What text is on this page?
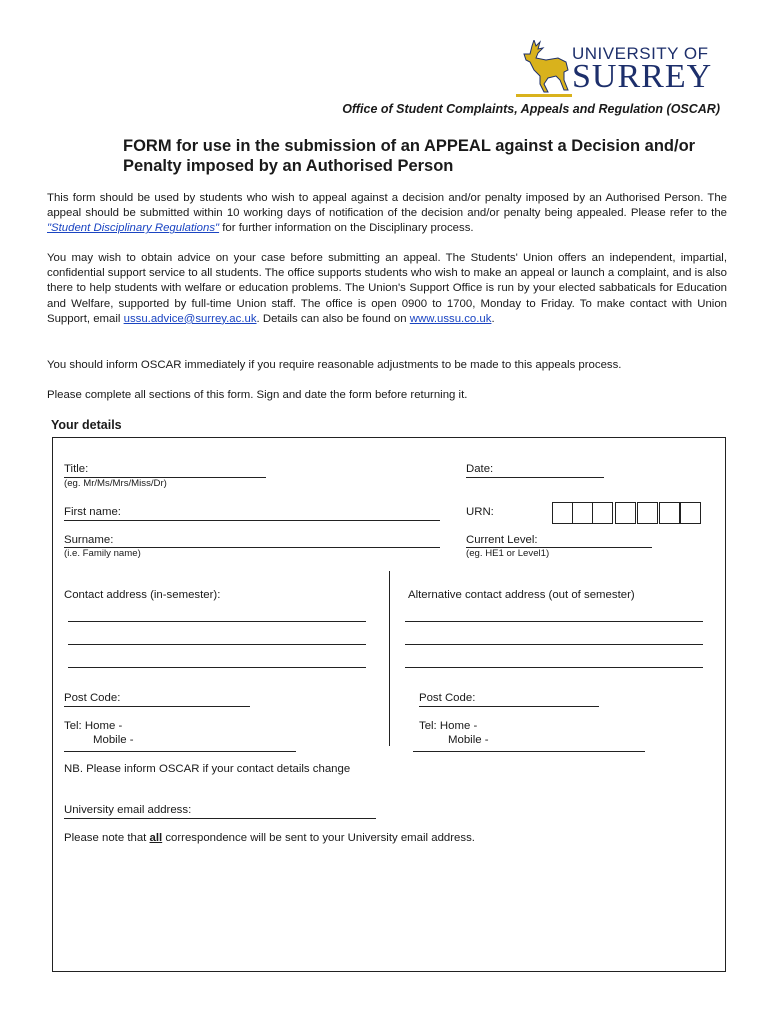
UNIVERSITY OF
SURREY
Office of Student Complaints, Appeals and Regulation (OSCAR)
FORM for use in the submission of an APPEAL against a Decision and/or Penalty imposed by an Authorised Person
This form should be used by students who wish to appeal against a decision and/or penalty imposed by an Authorised Person. The appeal should be submitted within 10 working days of notification of the decision and/or penalty being appealed. Please refer to the "Student Disciplinary Regulations" for further information on the Disciplinary process.
You may wish to obtain advice on your case before submitting an appeal. The Students' Union offers an independent, impartial, confidential support service to all students. The office supports students who wish to make an appeal or launch a complaint, and is also there to help students with welfare or education problems. The Union's Support Office is run by your elected sabbaticals for Education and Welfare, supported by full-time Union staff. The office is open 0900 to 1700, Monday to Friday. To make contact with Union Support, email ussu.advice@surrey.ac.uk. Details can also be found on www.ussu.co.uk.
You should inform OSCAR immediately if you require reasonable adjustments to be made to this appeals process.
Please complete all sections of this form. Sign and date the form before returning it.
Your details
Title:
(eg. Mr/Ms/Mrs/Miss/Dr)
Date:
First name:	URN:
Surname:
(i.e. Family name)
Current Level:
(eg. HE1 or Level1)
Contact address (in-semester):	Alternative contact address (out of semester)
Post Code:	Post Code:
Tel: Home -
Mobile -
Tel: Home -
Mobile -
NB. Please inform OSCAR if your contact details change
University email address:
Please note that all correspondence will be sent to your University email address.
